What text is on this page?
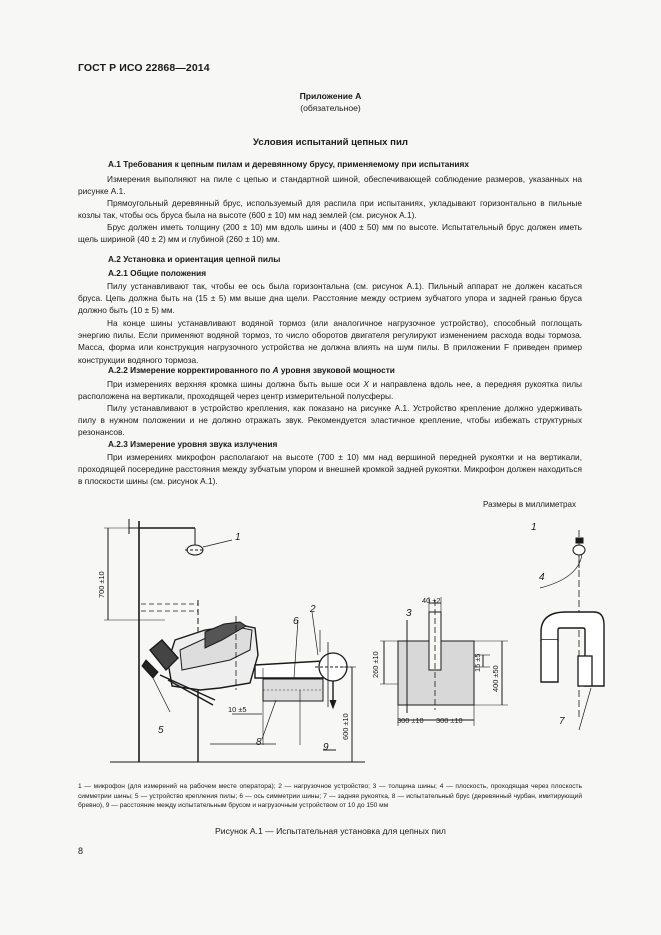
ГОСТ Р ИСО 22868—2014
Приложение А
(обязательное)
Условия испытаний цепных пил
А.1 Требования к цепным пилам и деревянному брусу, применяемому при испытаниях
Измерения выполняют на пиле с цепью и стандартной шиной, обеспечивающей соблюдение размеров, указанных на рисунке А.1.
Прямоугольный деревянный брус, используемый для распила при испытаниях, укладывают горизонтально в пильные козлы так, чтобы ось бруса была на высоте (600 ± 10) мм над землей (см. рисунок А.1).
Брус должен иметь толщину (200 ± 10) мм вдоль шины и (400 ± 50) мм по высоте. Испытательный брус должен иметь щель шириной (40 ± 2) мм и глубиной (260 ± 10) мм.
А.2 Установка и ориентация цепной пилы
А.2.1 Общие положения
Пилу устанавливают так, чтобы ее ось была горизонтальна (см. рисунок А.1). Пильный аппарат не должен касаться бруса. Цепь должна быть на (15 ± 5) мм выше дна щели. Расстояние между острием зубчатого упора и задней гранью бруса должно быть (10 ± 5) мм.
На конце шины устанавливают водяной тормоз (или аналогичное нагрузочное устройство), способный поглощать энергию пилы. Если применяют водяной тормоз, то число оборотов двигателя регулируют изменением расхода воды тормоза. Масса, форма или конструкция нагрузочного устройства не должна влиять на шум пилы. В приложении F приведен пример конструкции водяного тормоза.
А.2.2 Измерение корректированного по А уровня звуковой мощности
При измерениях верхняя кромка шины должна быть выше оси X и направлена вдоль нее, а передняя рукоятка пилы расположена на вертикали, проходящей через центр измерительной полусферы.
Пилу устанавливают в устройство крепления, как показано на рисунке А.1. Устройство крепление должно удерживать пилу в нужном положении и не должно отражать звук. Рекомендуется эластичное крепление, чтобы избежать структурных резонансов.
А.2.3 Измерение уровня звука излучения
При измерениях микрофон располагают на высоте (700 ± 10) мм над вершиной передней рукоятки и на вертикали, проходящей посередине расстояния между зубчатым упором и внешней кромкой задней рукоятки. Микрофон должен находиться в плоскости шины (см. рисунок А.1).
Размеры в миллиметрах
1
2	3
4
5
6
1
7
8	9
700 ±10
40 ±2
260 ±10	15 ±5
400 ±50
300 ±10 300 ±10
10 ±5
600 ±10
1 — микрофон (для измерений на рабочем месте оператора); 2 — нагрузочное устройство; 3 — толщина шины; 4 — плоскость, проходящая через плоскость симметрии шины; 5 — устройство крепления пилы; 6 — ось симметрии шины; 7 — задняя рукоятка, 8 — испытательный брус (деревянный чурбан, имитирующий бревно), 9 — расстояние между испытательным брусом и нагрузочным устройством от 10 до 150 мм
Рисунок А.1 — Испытательная установка для цепных пил
8
